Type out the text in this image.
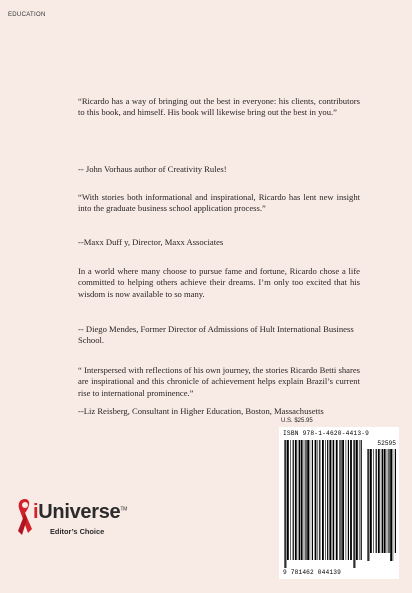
EDUCATION
“Ricardo has a way of bringing out the best in everyone: his clients, contributors to this book, and himself. His book will likewise bring out the best in you.”
-- John Vorhaus author of Creativity Rules!
“With stories both informational and inspirational, Ricardo has lent new insight into the graduate business school application process.”
--Maxx Duff y, Director, Maxx Associates
In a world where many choose to pursue fame and fortune, Ricardo chose a life committed to helping others achieve their dreams. I’m only too excited that his wisdom is now available to so many.
-- Diego Mendes, Former Director of Admissions of Hult International Business School.
“ Interspersed with reflections of his own journey, the stories Ricardo Betti shares are inspirational and this chronicle of achievement helps explain Brazil’s current rise to international prominence.”
--Liz Reisberg, Consultant in Higher Education, Boston, Massachusetts
U.S. $25.95
ISBN 978-1-4620-4413-9
52595
9 781462 044139
iUniverse™
Editor’s Choice
